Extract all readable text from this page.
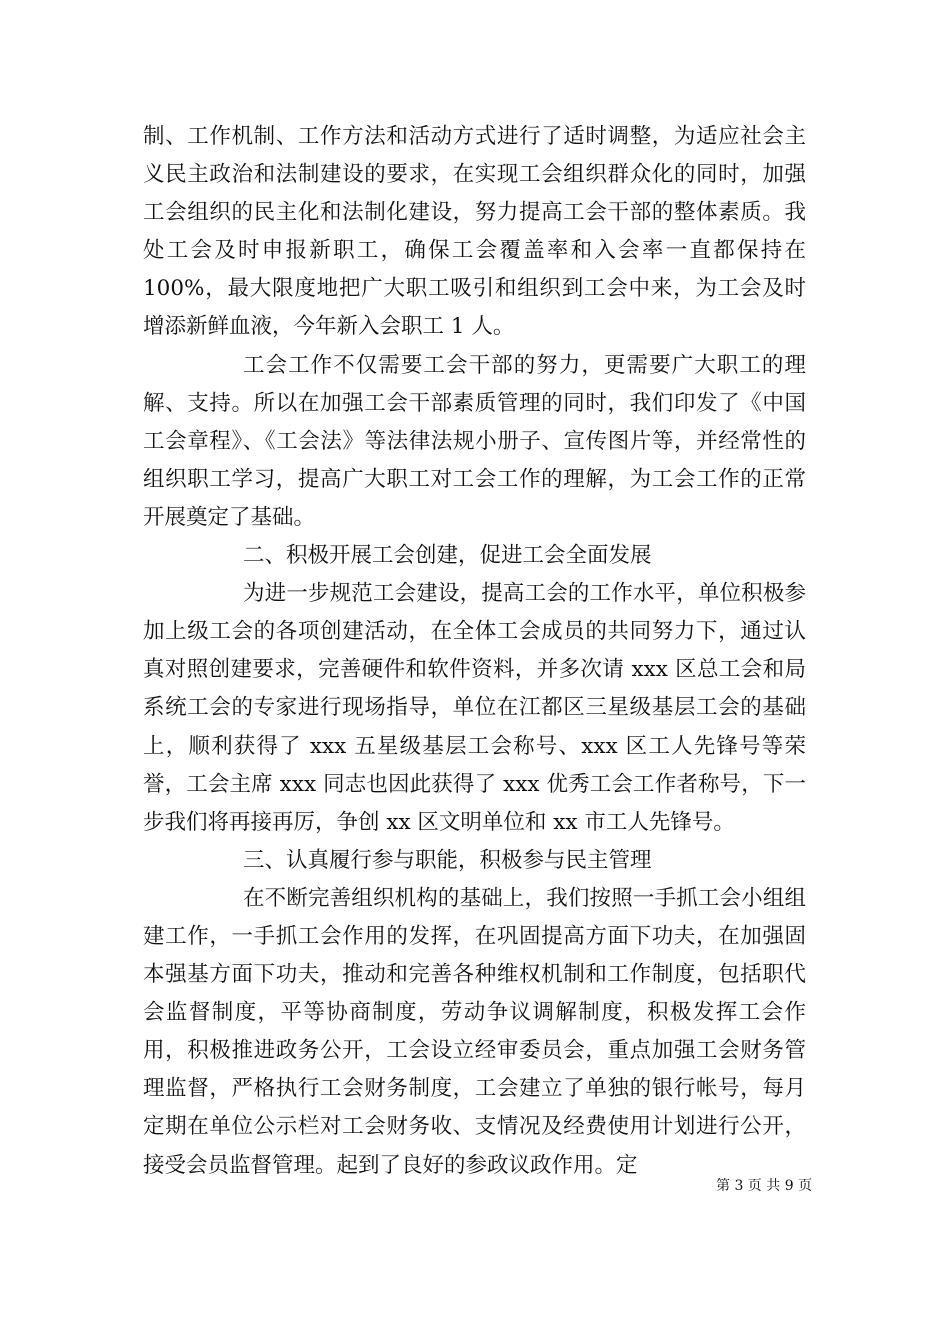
制、工作机制、工作方法和活动方式进行了适时调整，为适应社会主义民主政治和法制建设的要求，在实现工会组织群众化的同时，加强工会组织的民主化和法制化建设，努力提高工会干部的整体素质。我处工会及时申报新职工，确保工会覆盖率和入会率一直都保持在 100%，最大限度地把广大职工吸引和组织到工会中来，为工会及时增添新鲜血液，今年新入会职工 1 人。

工会工作不仅需要工会干部的努力，更需要广大职工的理解、支持。所以在加强工会干部素质管理的同时，我们印发了《中国工会章程》、《工会法》等法律法规小册子、宣传图片等，并经常性的组织职工学习，提高广大职工对工会工作的理解，为工会工作的正常开展奠定了基础。

二、积极开展工会创建，促进工会全面发展

为进一步规范工会建设，提高工会的工作水平，单位积极参加上级工会的各项创建活动，在全体工会成员的共同努力下，通过认真对照创建要求，完善硬件和软件资料，并多次请 xxx 区总工会和局系统工会的专家进行现场指导，单位在江都区三星级基层工会的基础上，顺利获得了 xxx 五星级基层工会称号、xxx 区工人先锋号等荣誉，工会主席 xxx 同志也因此获得了 xxx 优秀工会工作者称号，下一步我们将再接再厉，争创 xx 区文明单位和 xx 市工人先锋号。

三、认真履行参与职能，积极参与民主管理

在不断完善组织机构的基础上，我们按照一手抓工会小组组建工作，一手抓工会作用的发挥，在巩固提高方面下功夫，在加强固本强基方面下功夫，推动和完善各种维权机制和工作制度，包括职代会监督制度，平等协商制度，劳动争议调解制度，积极发挥工会作用，积极推进政务公开，工会设立经审委员会，重点加强工会财务管理监督，严格执行工会财务制度，工会建立了单独的银行帐号，每月定期在单位公示栏对工会财务收、支情况及经费使用计划进行公开，接受会员监督管理。起到了良好的参政议政作用。定

第 3 页 共 9 页
